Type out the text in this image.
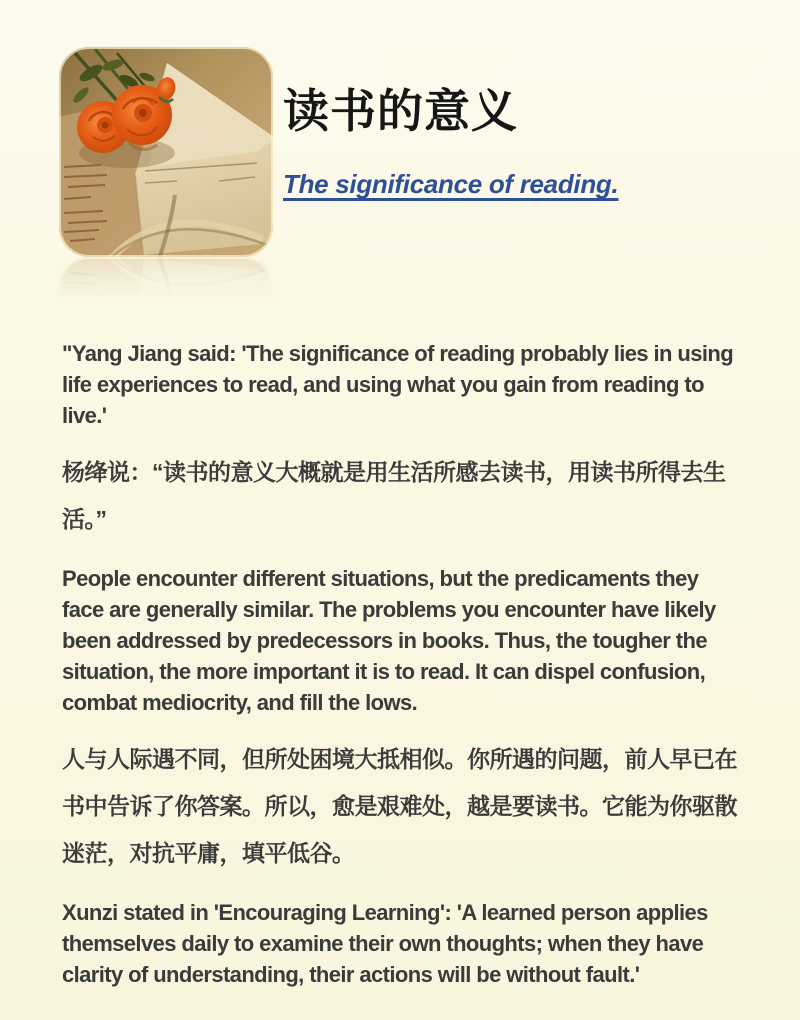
读书的意义

The significance of reading.

"Yang Jiang said: 'The significance of reading probably lies in using life experiences to read, and using what you gain from reading to live.'

杨绛说：“读书的意义大概就是用生活所感去读书，用读书所得去生活。”

People encounter different situations, but the predicaments they face are generally similar. The problems you encounter have likely been addressed by predecessors in books. Thus, the tougher the situation, the more important it is to read. It can dispel confusion, combat mediocrity, and fill the lows.

人与人际遇不同，但所处困境大抵相似。你所遇的问题，前人早已在书中告诉了你答案。所以，愈是艰难处，越是要读书。它能为你驱散迷茫，对抗平庸，填平低谷。

Xunzi stated in 'Encouraging Learning': 'A learned person applies themselves daily to examine their own thoughts; when they have clarity of understanding, their actions will be without fault.'
